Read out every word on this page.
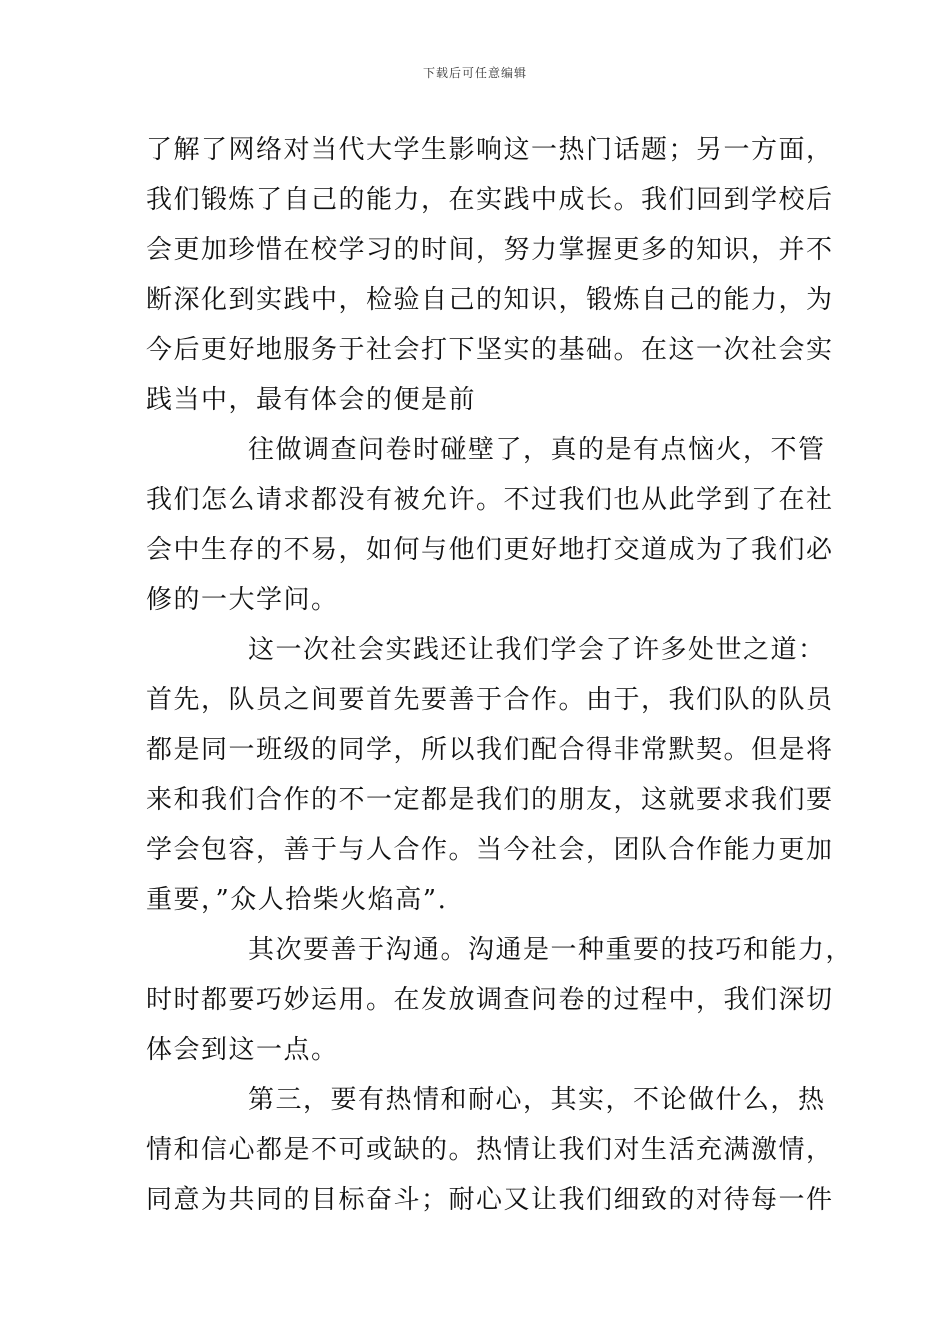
下载后可任意编辑
了解了网络对当代大学生影响这一热门话题；另一方面，
我们锻炼了自己的能力，在实践中成长。我们回到学校后
会更加珍惜在校学习的时间，努力掌握更多的知识，并不
断深化到实践中，检验自己的知识，锻炼自己的能力，为
今后更好地服务于社会打下坚实的基础。在这一次社会实
践当中，最有体会的便是前
往做调查问卷时碰壁了，真的是有点恼火，不管
我们怎么请求都没有被允许。不过我们也从此学到了在社
会中生存的不易，如何与他们更好地打交道成为了我们必
修的一大学问。
这一次社会实践还让我们学会了许多处世之道：
首先，队员之间要首先要善于合作。由于，我们队的队员
都是同一班级的同学，所以我们配合得非常默契。但是将
来和我们合作的不一定都是我们的朋友，这就要求我们要
学会包容，善于与人合作。当今社会，团队合作能力更加
重要，”众人拾柴火焰高”.
其次要善于沟通。沟通是一种重要的技巧和能力，
时时都要巧妙运用。在发放调查问卷的过程中，我们深切
体会到这一点。
第三，要有热情和耐心，其实，不论做什么，热
情和信心都是不可或缺的。热情让我们对生活充满激情，
同意为共同的目标奋斗；耐心又让我们细致的对待每一件
